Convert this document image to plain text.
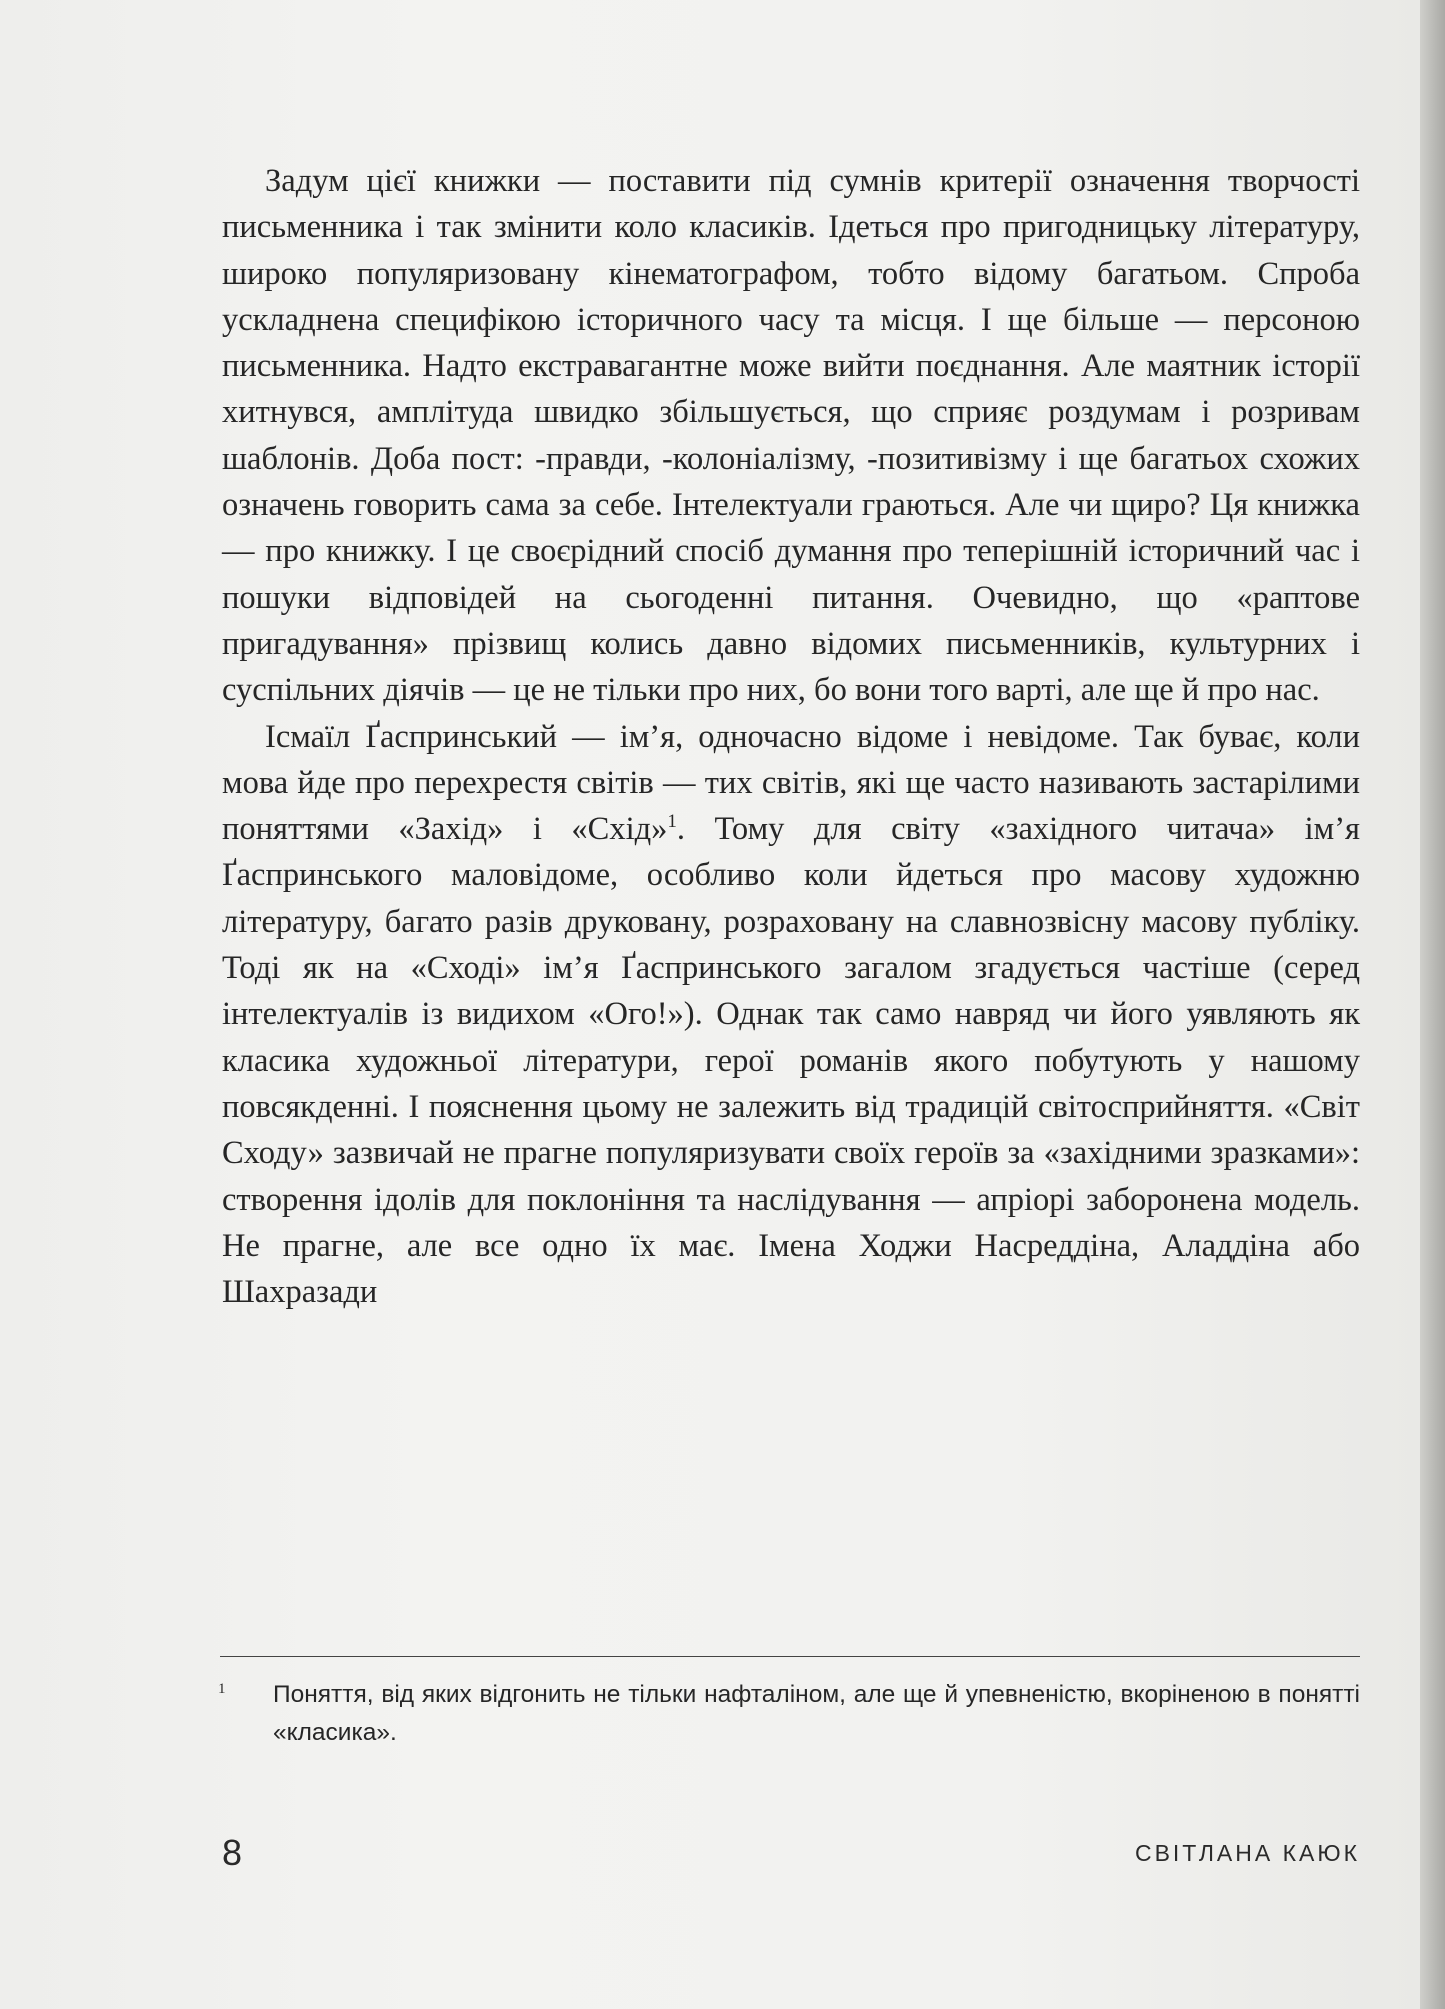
Задум цієї книжки — поставити під сумнів критерії означення творчості письменника і так змінити коло класиків. Ідеться про пригодницьку літературу, широко популяризовану кінематографом, тобто відому багатьом. Спроба ускладнена специфікою історичного часу та місця. І ще більше — персоною письменника. Надто екстравагантне може вийти поєднання. Але маятник історії хитнувся, амплітуда швидко збільшується, що сприяє роздумам і розривам шаблонів. Доба пост: -правди, -колоніалізму, -позитивізму і ще багатьох схожих означень говорить сама за себе. Інтелектуали граються. Але чи щиро? Ця книжка — про книжку. І це своєрідний спосіб думання про теперішній історичний час і пошуки відповідей на сьогоденні питання. Очевидно, що «раптове пригадування» прізвищ колись давно відомих письменників, культурних і суспільних діячів — це не тільки про них, бо вони того варті, але ще й про нас.

Ісмаїл Ґаспринський — ім’я, одночасно відоме і невідоме. Так буває, коли мова йде про перехрестя світів — тих світів, які ще часто називають застарілими поняттями «Захід» і «Схід»$^1$. Тому для світу «західного читача» ім’я Ґаспринського маловідоме, особливо коли йдеться про масову художню літературу, багато разів друковану, розраховану на славнозвісну масову публіку. Тоді як на «Сході» ім’я Ґаспринського загалом згадується частіше (серед інтелектуалів із видихом «Ого!»). Однак так само навряд чи його уявляють як класика художньої літератури, герої романів якого побутують у нашому повсякденні. І пояснення цьому не залежить від традицій світосприйняття. «Світ Сходу» зазвичай не прагне популяризувати своїх героїв за «західними зразками»: створення ідолів для поклоніння та наслідування — апріорі заборонена модель. Не прагне, але все одно їх має. Імена Ходжи Насреддіна, Аладдіна або Шахразади

1 Поняття, від яких відгонить не тільки нафталіном, але ще й упевненістю, вкоріненою в понятті «класика».
8	СВІТЛАНА КАЮК
